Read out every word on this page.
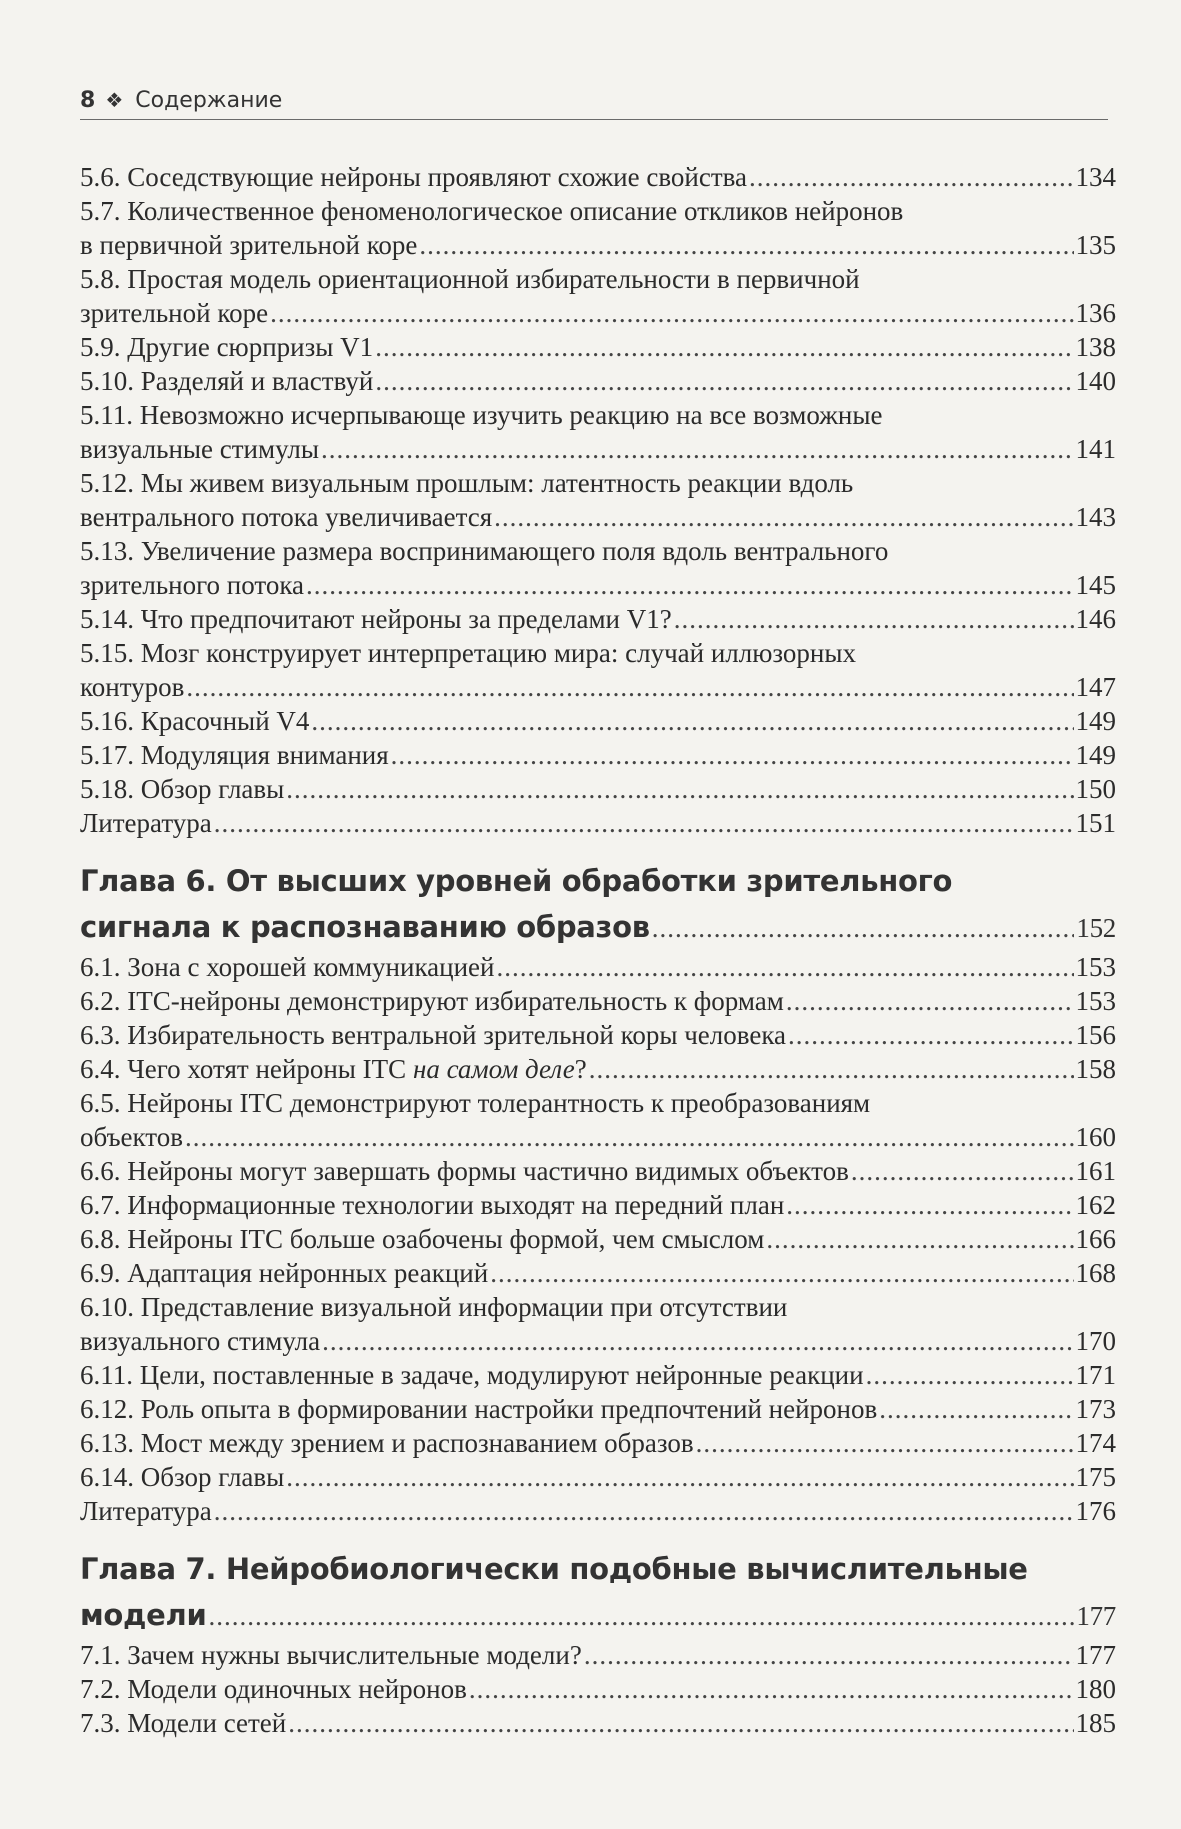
8 ❖ Содержание
5.6. Соседствующие нейроны проявляют схожие свойства .....	134
5.7. Количественное феноменологическое описание откликов нейронов
в первичной зрительной коре .....	135
5.8. Простая модель ориентационной избирательности в первичной
зрительной коре .....	136
5.9. Другие сюрпризы V1 .....	138
5.10. Разделяй и властвуй .....	140
5.11. Невозможно исчерпывающе изучить реакцию на все возможные
визуальные стимулы .....	141
5.12. Мы живем визуальным прошлым: латентность реакции вдоль
вентрального потока увеличивается .....	143
5.13. Увеличение размера воспринимающего поля вдоль вентрального
зрительного потока .....	145
5.14. Что предпочитают нейроны за пределами V1? .....	146
5.15. Мозг конструирует интерпретацию мира: случай иллюзорных
контуров .....	147
5.16. Красочный V4 .....	149
5.17. Модуляция внимания .....	149
5.18. Обзор главы .....	150
Литература .....	151
Глава 6. От высших уровней обработки зрительного
сигнала к распознаванию образов .....	152
6.1. Зона с хорошей коммуникацией .....	153
6.2. ITC-нейроны демонстрируют избирательность к формам .....	153
6.3. Избирательность вентральной зрительной коры человека .....	156
6.4. Чего хотят нейроны ITC на самом деле? .....	158
6.5. Нейроны ITC демонстрируют толерантность к преобразованиям
объектов .....	160
6.6. Нейроны могут завершать формы частично видимых объектов .....	161
6.7. Информационные технологии выходят на передний план .....	162
6.8. Нейроны ITC больше озабочены формой, чем смыслом .....	166
6.9. Адаптация нейронных реакций .....	168
6.10. Представление визуальной информации при отсутствии
визуального стимула .....	170
6.11. Цели, поставленные в задаче, модулируют нейронные реакции .....	171
6.12. Роль опыта в формировании настройки предпочтений нейронов .....	173
6.13. Мост между зрением и распознаванием образов .....	174
6.14. Обзор главы .....	175
Литература .....	176
Глава 7. Нейробиологически подобные вычислительные
модели .....	177
7.1. Зачем нужны вычислительные модели? .....	177
7.2. Модели одиночных нейронов .....	180
7.3. Модели сетей .....	185
